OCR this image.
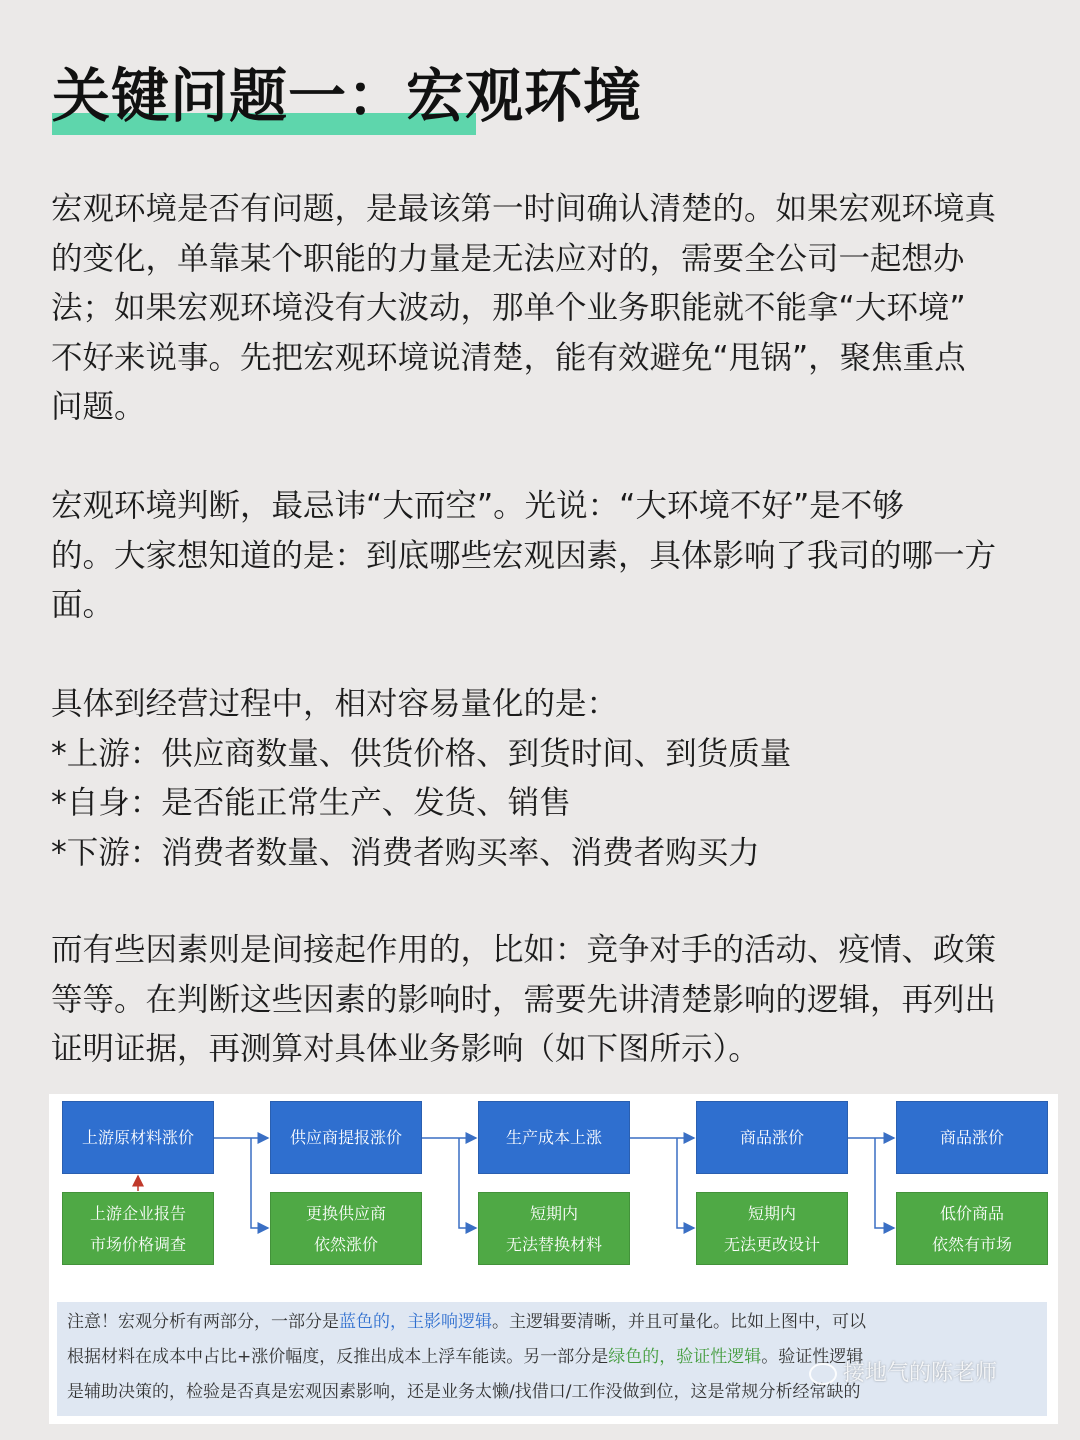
关键问题一：宏观环境
宏观环境是否有问题，是最该第一时间确认清楚的。如果宏观环境真
的变化，单靠某个职能的力量是无法应对的，需要全公司一起想办
法；如果宏观环境没有大波动，那单个业务职能就不能拿“大环境”
不好来说事。先把宏观环境说清楚，能有效避免“甩锅”，聚焦重点
问题。
宏观环境判断，最忌讳“大而空”。光说：“大环境不好”是不够
的。大家想知道的是：到底哪些宏观因素，具体影响了我司的哪一方
面。
具体到经营过程中，相对容易量化的是：
*上游：供应商数量、供货价格、到货时间、到货质量
*自身：是否能正常生产、发货、销售
*下游：消费者数量、消费者购买率、消费者购买力
而有些因素则是间接起作用的，比如：竞争对手的活动、疫情、政策
等等。在判断这些因素的影响时，需要先讲清楚影响的逻辑，再列出
证明证据，再测算对具体业务影响（如下图所示）。
上游原材料涨价	供应商提报涨价	生产成本上涨	商品涨价	商品涨价
上游企业报告
市场价格调查
更换供应商
依然涨价
短期内
无法替换材料
短期内
无法更改设计
低价商品
依然有市场
注意！宏观分析有两部分，一部分是蓝色的，主影响逻辑。主逻辑要清晰，并且可量化。比如上图中，可以
根据材料在成本中占比+涨价幅度，反推出成本上浮车能读。另一部分是绿色的，验证性逻辑。验证性逻辑
是辅助决策的，检验是否真是宏观因素影响，还是业务太懒/找借口/工作没做到位，这是常规分析经常缺的
接地气的陈老师
